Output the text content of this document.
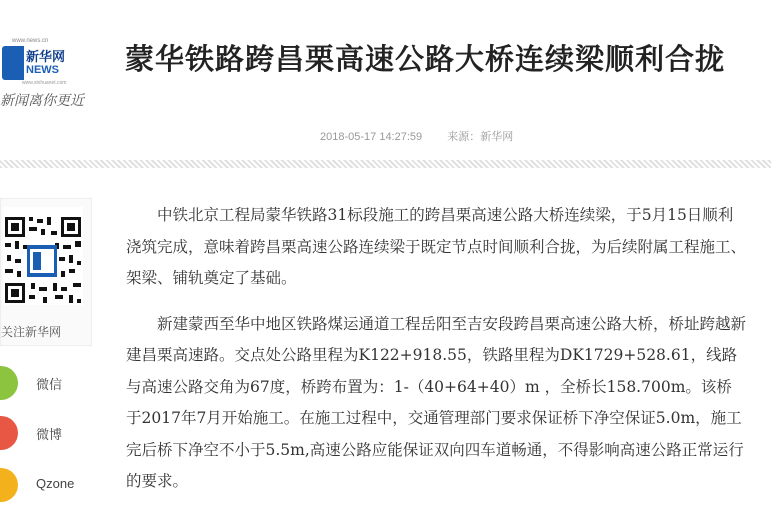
www.news.cn
新华网
NEWS
www.xinhuanet.com
新闻离你更近
蒙华铁路跨昌栗高速公路大桥连续梁顺利合拢
2018-05-17 14:27:59 来源：新华网
关注新华网
微信
微博
Qzone

中铁北京工程局蒙华铁路31标段施工的跨昌栗高速公路大桥连续梁，于5月15日顺利浇筑完成，意味着跨昌栗高速公路连续梁于既定节点时间顺利合拢，为后续附属工程施工、架梁、铺轨奠定了基础。

新建蒙西至华中地区铁路煤运通道工程岳阳至吉安段跨昌栗高速公路大桥，桥址跨越新建昌栗高速路。交点处公路里程为K122+918.55，铁路里程为DK1729+528.61，线路与高速公路交角为67度，桥跨布置为：1-（40+64+40）m ，全桥长158.700m。该桥于2017年7月开始施工。在施工过程中，交通管理部门要求保证桥下净空保证5.0m，施工完后桥下净空不小于5.5m,高速公路应能保证双向四车道畅通，不得影响高速公路正常运行的要求。
